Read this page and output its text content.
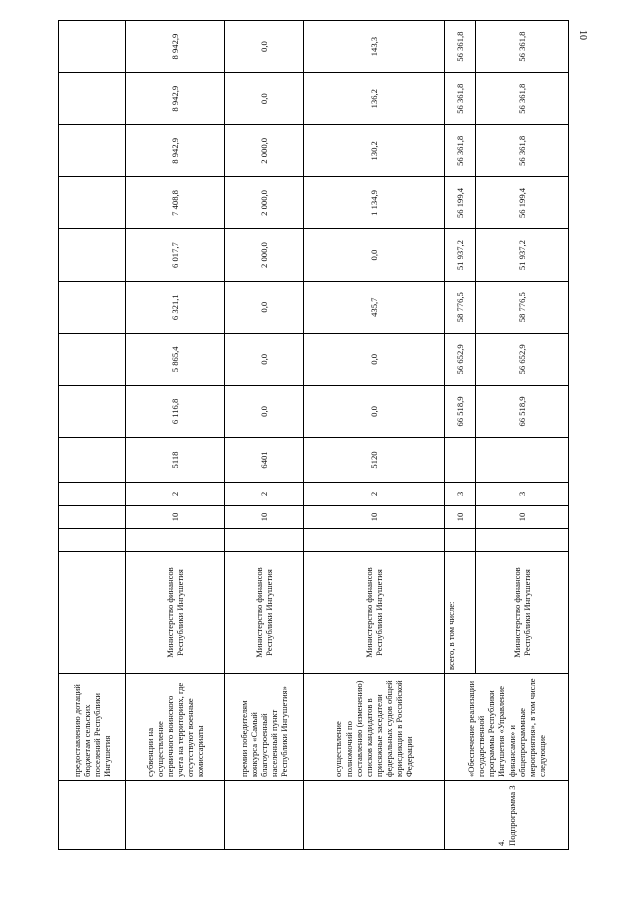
10
	предоставлению дотаций бюджетам сельских поселений Республики Ингушетия													
	субвенции на осуществление первичного воинского учета на территориях, где отсутствуют военные комиссариаты	Министерство финансов Республики Ингушетия		10	2	5118	6 116,8	5 865,4	6 321,1	6 017,7	7 408,8	8 942,9	8 942,9	8 942,9
	премии победителям конкурса «Самый благоустроенный населенный пункт Республики Ингушетия»	Министерство финансов Республики Ингушетия		10	2	6401	0,0	0,0	0,0	2 000,0	2 000,0	2 000,0	0,0	0,0
	осуществление полномочий по составлению (изменению) списков кандидатов в присяжные заседатели федеральных судов общей юрисдикции в Российской Федерации	Министерство финансов Республики Ингушетия		10	2	5120	0,0	0,0	435,7	0,0	1 134,9	130,2	136,2	143,3
4. Подпрограмма 3	«Обеспечение реализации государственной программы Республики Ингушетия «Управление финансами» и общепрограммные мероприятия», в том числе следующие	всего, в том числе:		10	3		66 518,9	56 652,9	58 776,5	51 937,2	56 199,4	56 361,8	56 361,8	56 361,8
		Министерство финансов Республики Ингушетия		10	3		66 518,9	56 652,9	58 776,5	51 937,2	56 199,4	56 361,8	56 361,8	56 361,8
